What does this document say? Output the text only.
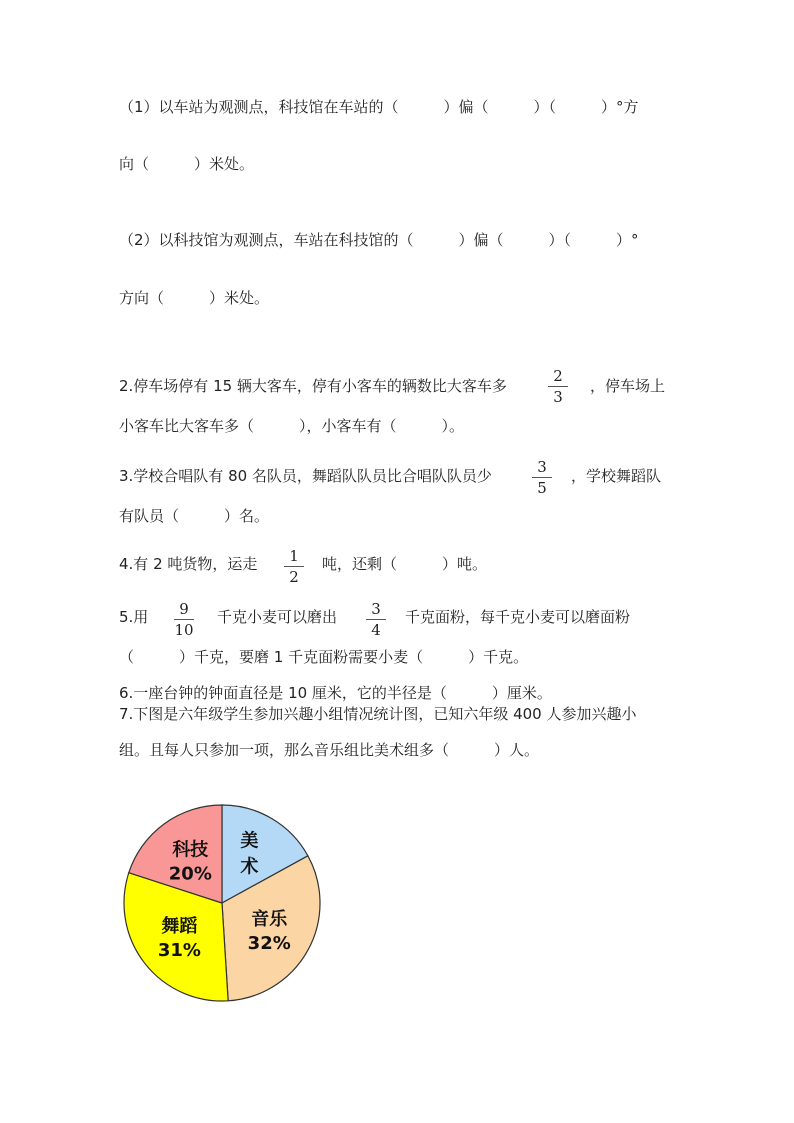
（1）以车站为观测点，科技馆在车站的（　　　）偏（　　　）（　　　）°方
向（　　　）米处。
（2）以科技馆为观测点，车站在科技馆的（　　　）偏（　　　）（　　　）°
方向（　　　）米处。
2.停车场停有 15 辆大客车，停有小客车的辆数比大客车多
2
3
，停车场上
小客车比大客车多（　　　），小客车有（　　　）。
3.学校合唱队有 80 名队员，舞蹈队队员比合唱队队员少	3
5
，学校舞蹈队
有队员（　　　）名。
4.有 2 吨货物，运走	1
2
吨，还剩（　　　）吨。
5.用	9
10
千克小麦可以磨出	3
4
千克面粉，每千克小麦可以磨面粉
（　　　）千克，要磨 1 千克面粉需要小麦（　　　）千克。
6.一座台钟的钟面直径是 10 厘米，它的半径是（　　　）厘米。
7.下图是六年级学生参加兴趣小组情况统计图，已知六年级 400 人参加兴趣小
组。且每人只参加一项，那么音乐组比美术组多（　　　）人。
美
术
音乐
32%
舞蹈
31%
科技
20%
